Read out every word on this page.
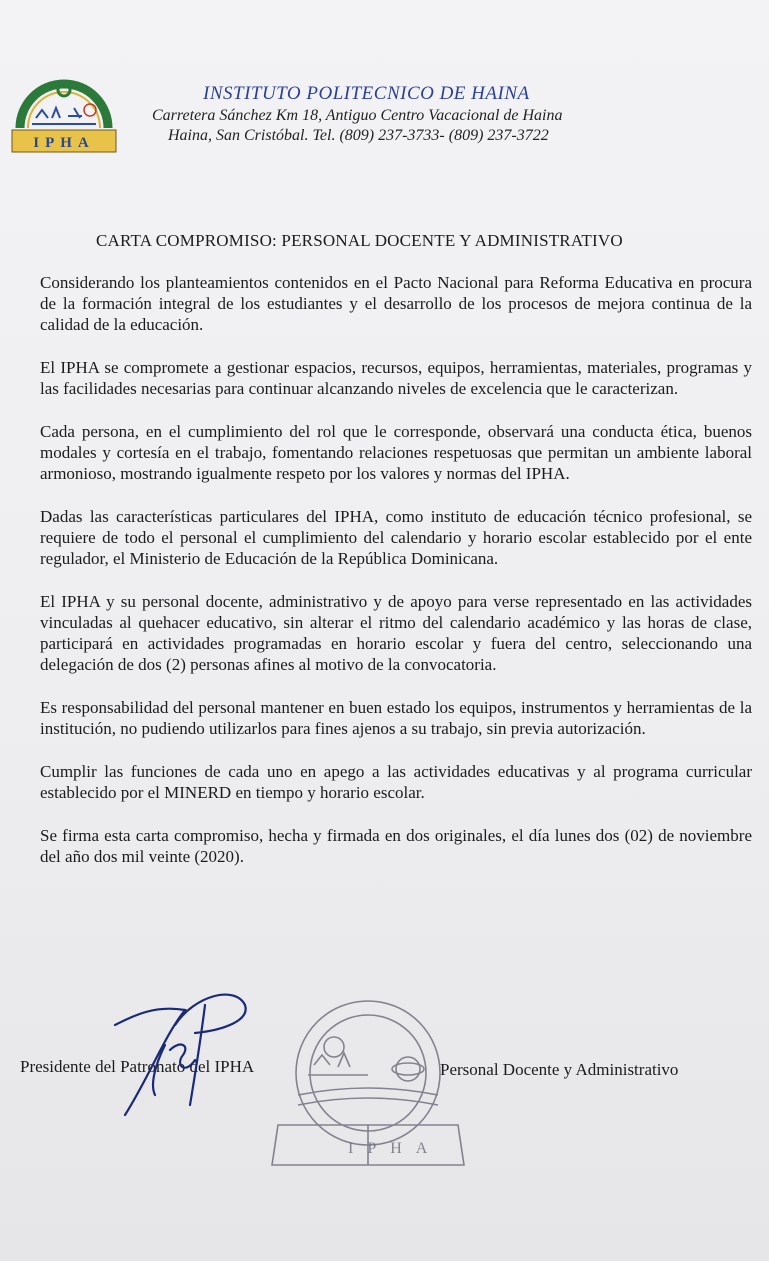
IPHA
INSTITUTO POLITECNICO DE HAINA
Carretera Sánchez Km 18, Antiguo Centro Vacacional de Haina
Haina, San Cristóbal. Tel. (809) 237-3733- (809) 237-3722
CARTA COMPROMISO: PERSONAL DOCENTE Y ADMINISTRATIVO

Considerando los planteamientos contenidos en el Pacto Nacional para Reforma Educativa en procura de la formación integral de los estudiantes y el desarrollo de los procesos de mejora continua de la calidad de la educación.

El IPHA se compromete a gestionar espacios, recursos, equipos, herramientas, materiales, programas y las facilidades necesarias para continuar alcanzando niveles de excelencia que le caracterizan.

Cada persona, en el cumplimiento del rol que le corresponde, observará una conducta ética, buenos modales y cortesía en el trabajo, fomentando relaciones respetuosas que permitan un ambiente laboral armonioso, mostrando igualmente respeto por los valores y normas del IPHA.

Dadas las características particulares del IPHA, como instituto de educación técnico profesional, se requiere de todo el personal el cumplimiento del calendario y horario escolar establecido por el ente regulador, el Ministerio de Educación de la República Dominicana.

El IPHA y su personal docente, administrativo y de apoyo para verse representado en las actividades vinculadas al quehacer educativo, sin alterar el ritmo del calendario académico y las horas de clase, participará en actividades programadas en horario escolar y fuera del centro, seleccionando una delegación de dos (2) personas afines al motivo de la convocatoria.

Es responsabilidad del personal mantener en buen estado los equipos, instrumentos y herramientas de la institución, no pudiendo utilizarlos para fines ajenos a su trabajo, sin previa autorización.

Cumplir las funciones de cada uno en apego a las actividades educativas y al programa curricular establecido por el MINERD en tiempo y horario escolar.

Se firma esta carta compromiso, hecha y firmada en dos originales, el día lunes dos (02) de noviembre del año dos mil veinte (2020).

Presidente del Patronato del IPHA	Personal Docente y Administrativo
IPHA
